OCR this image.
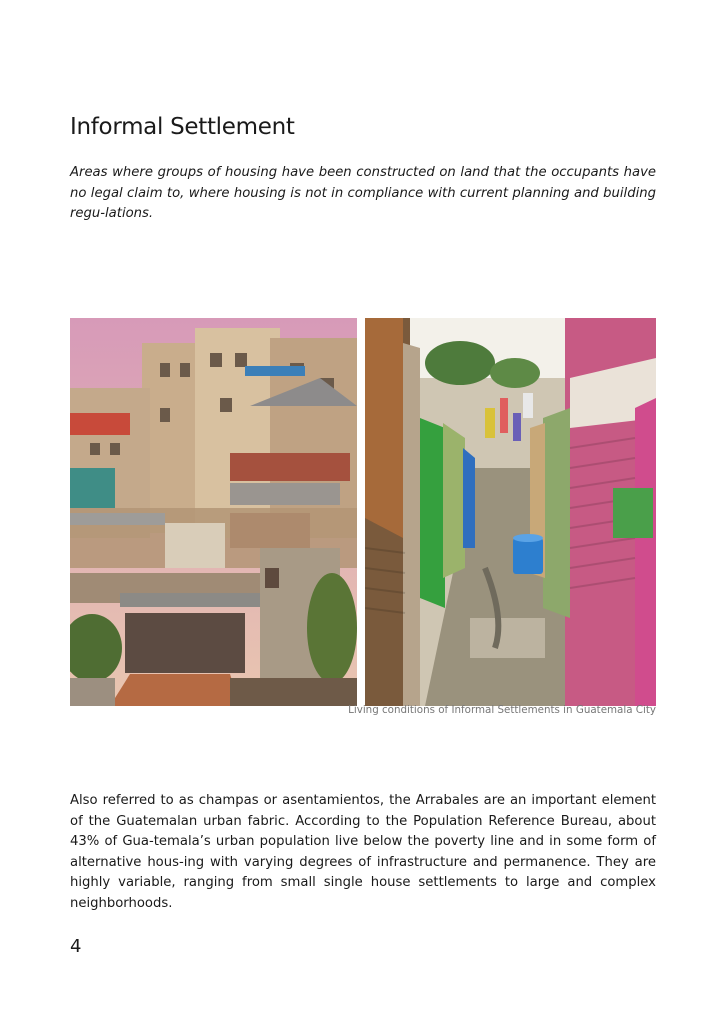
Informal Settlement

Areas where groups of housing have been constructed on land that the occupants have no legal claim to, where housing is not in compliance with current planning and building regu-lations.

Living conditions of Informal Settlements in Guatemala City

Also referred to as champas or asentamientos, the Arrabales are an important element of the Guatemalan urban fabric. According to the Population Reference Bureau, about 43% of Gua-temala’s urban population live below the poverty line and in some form of alternative hous-ing with varying degrees of infrastructure and permanence. They are highly variable, ranging from small single house settlements to large and complex neighborhoods.

4
